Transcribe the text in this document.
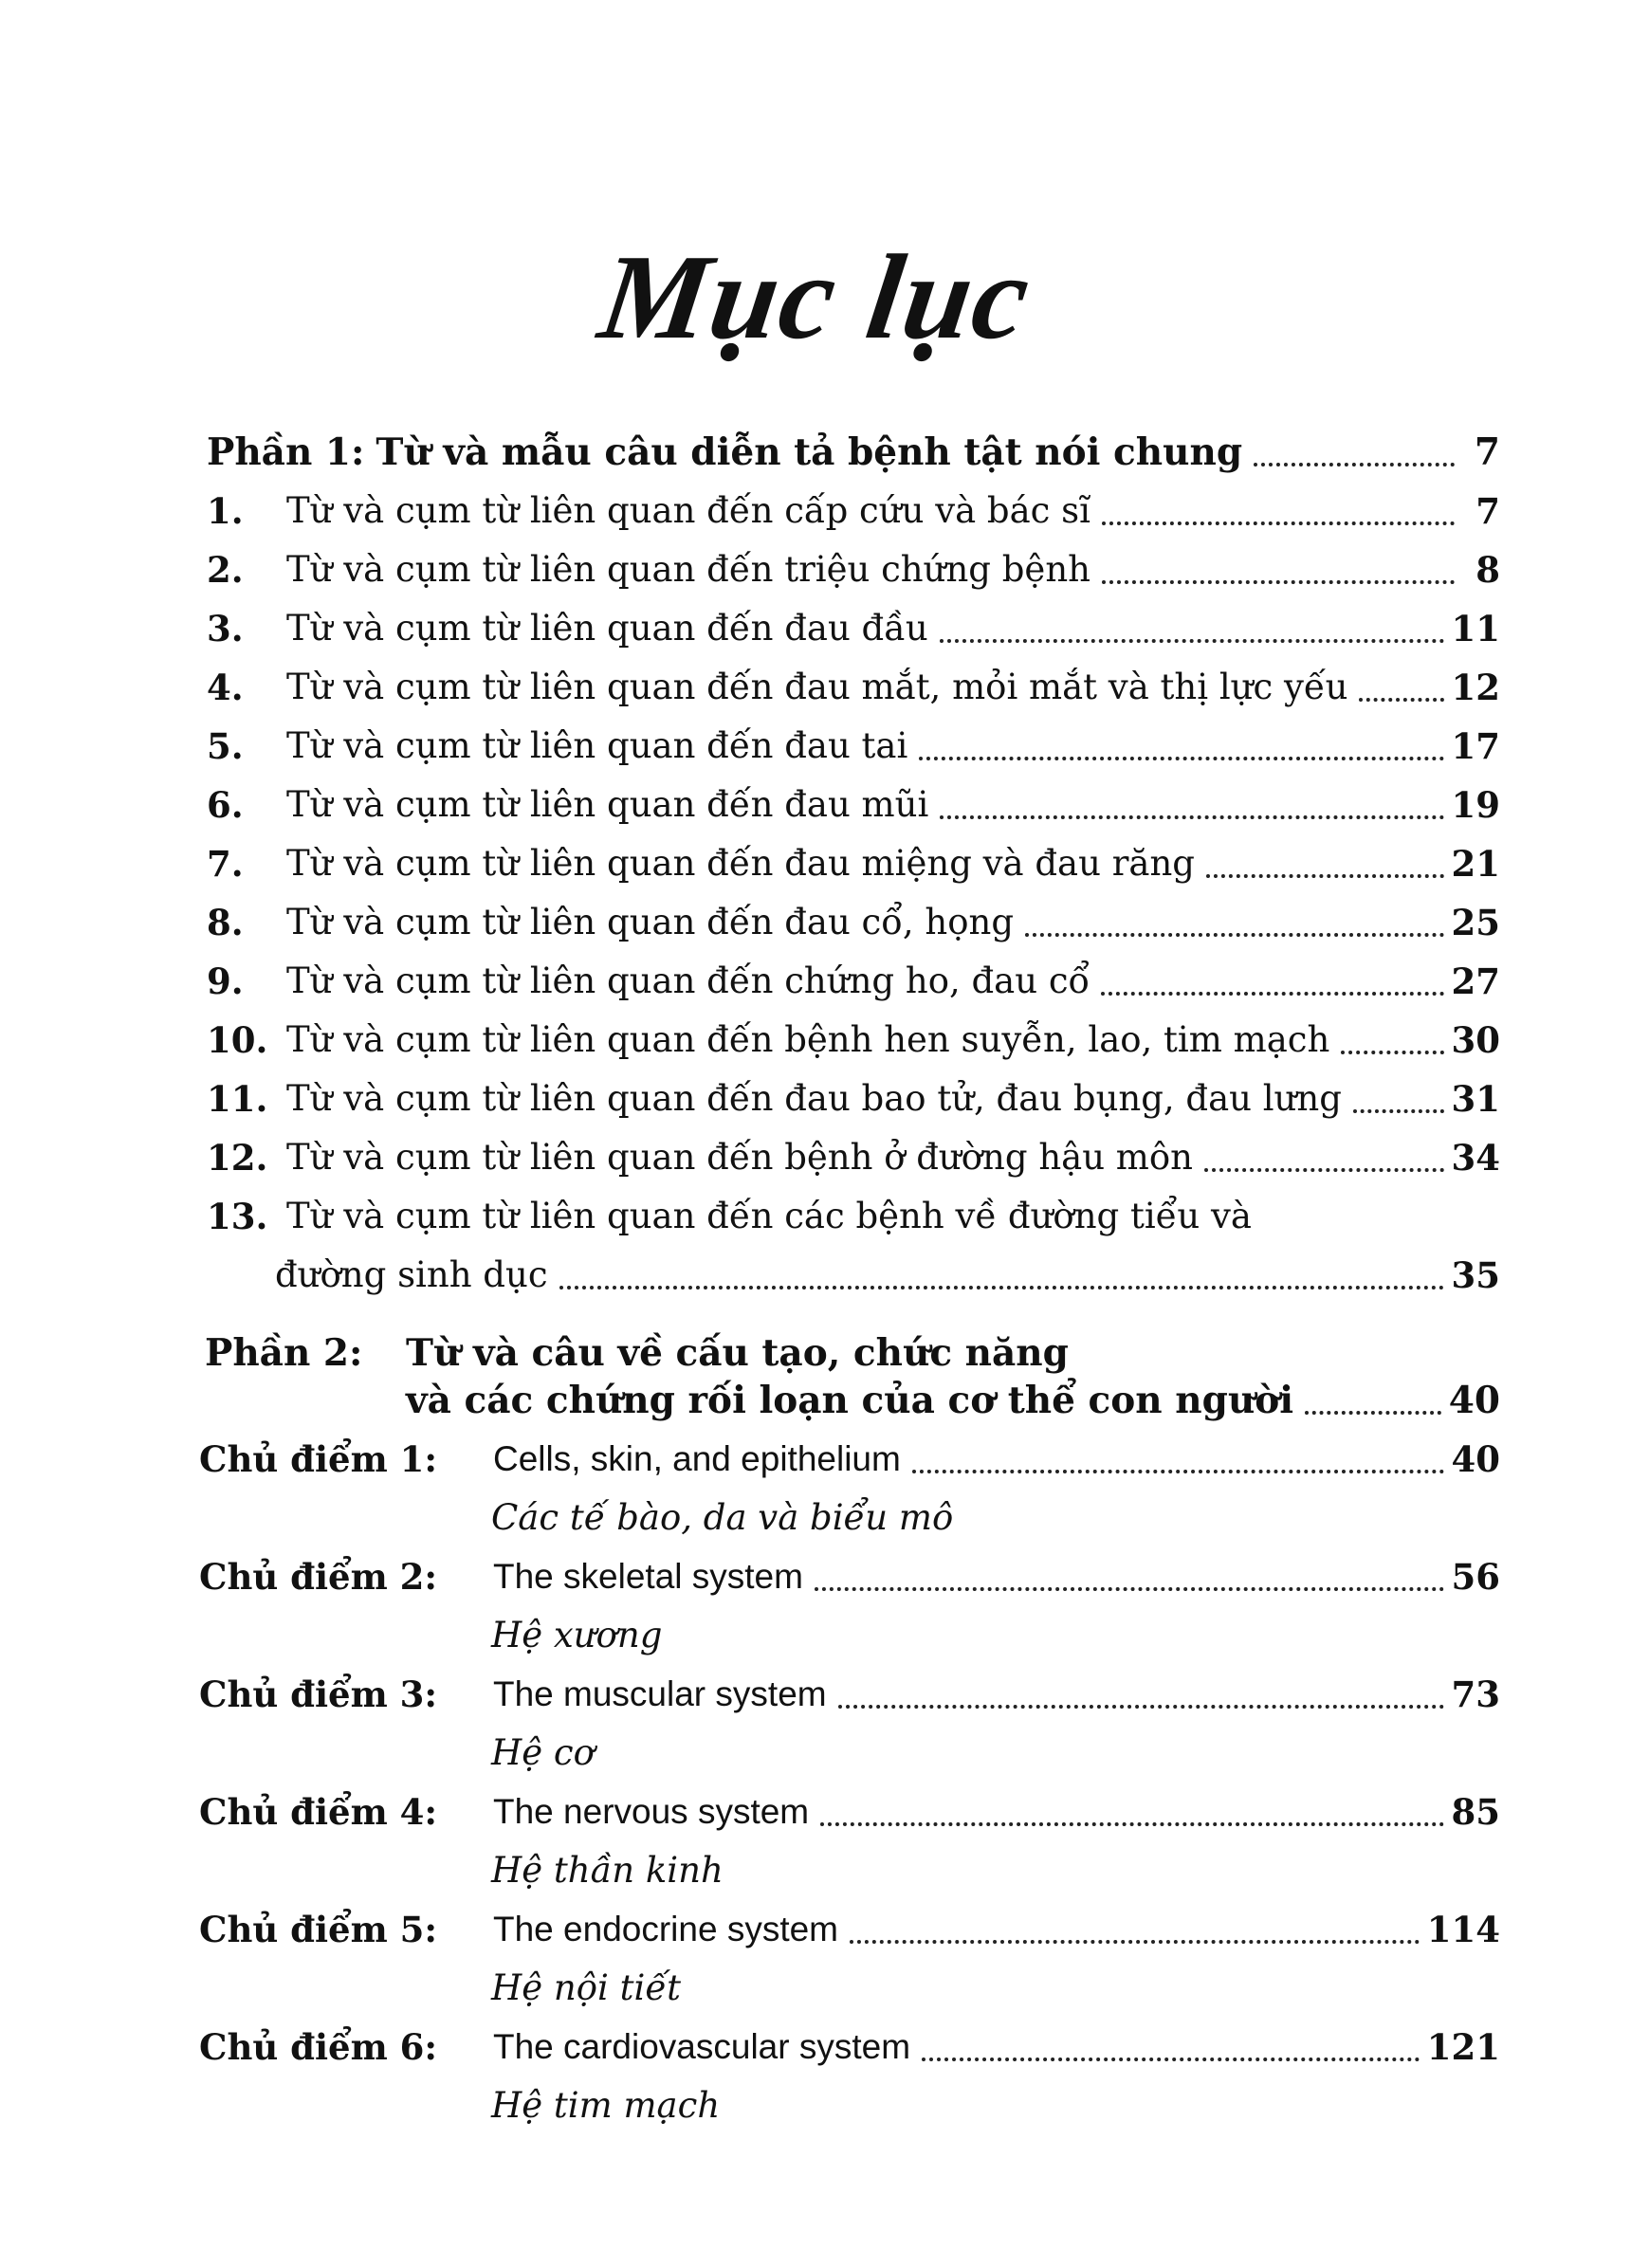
Mục lục
Phần 1: Từ và mẫu câu diễn tả bệnh tật nói chung	7
1.	Từ và cụm từ liên quan đến cấp cứu và bác sĩ	7
2.	Từ và cụm từ liên quan đến triệu chứng bệnh	8
3.	Từ và cụm từ liên quan đến đau đầu	11
4.	Từ và cụm từ liên quan đến đau mắt, mỏi mắt và thị lực yếu	12
5.	Từ và cụm từ liên quan đến đau tai	17
6.	Từ và cụm từ liên quan đến đau mũi	19
7.	Từ và cụm từ liên quan đến đau miệng và đau răng	21
8.	Từ và cụm từ liên quan đến đau cổ, họng	25
9.	Từ và cụm từ liên quan đến chứng ho, đau cổ	27
10. Từ và cụm từ liên quan đến bệnh hen suyễn, lao, tim mạch	30
11. Từ và cụm từ liên quan đến đau bao tử, đau bụng, đau lưng	31
12. Từ và cụm từ liên quan đến bệnh ở đường hậu môn	34
13. Từ và cụm từ liên quan đến các bệnh về đường tiểu và
đường sinh dục	35
Phần 2: Từ và câu về cấu tạo, chức năng
và các chứng rối loạn của cơ thể con người	40
Chủ điểm 1:	Cells, skin, and epithelium	40
Các tế bào, da và biểu mô
Chủ điểm 2:	The skeletal system	56
Hệ xương
Chủ điểm 3:	The muscular system	73
Hệ cơ
Chủ điểm 4:	The nervous system	85
Hệ thần kinh
Chủ điểm 5:	The endocrine system	114
Hệ nội tiết
Chủ điểm 6:	The cardiovascular system	121
Hệ tim mạch
